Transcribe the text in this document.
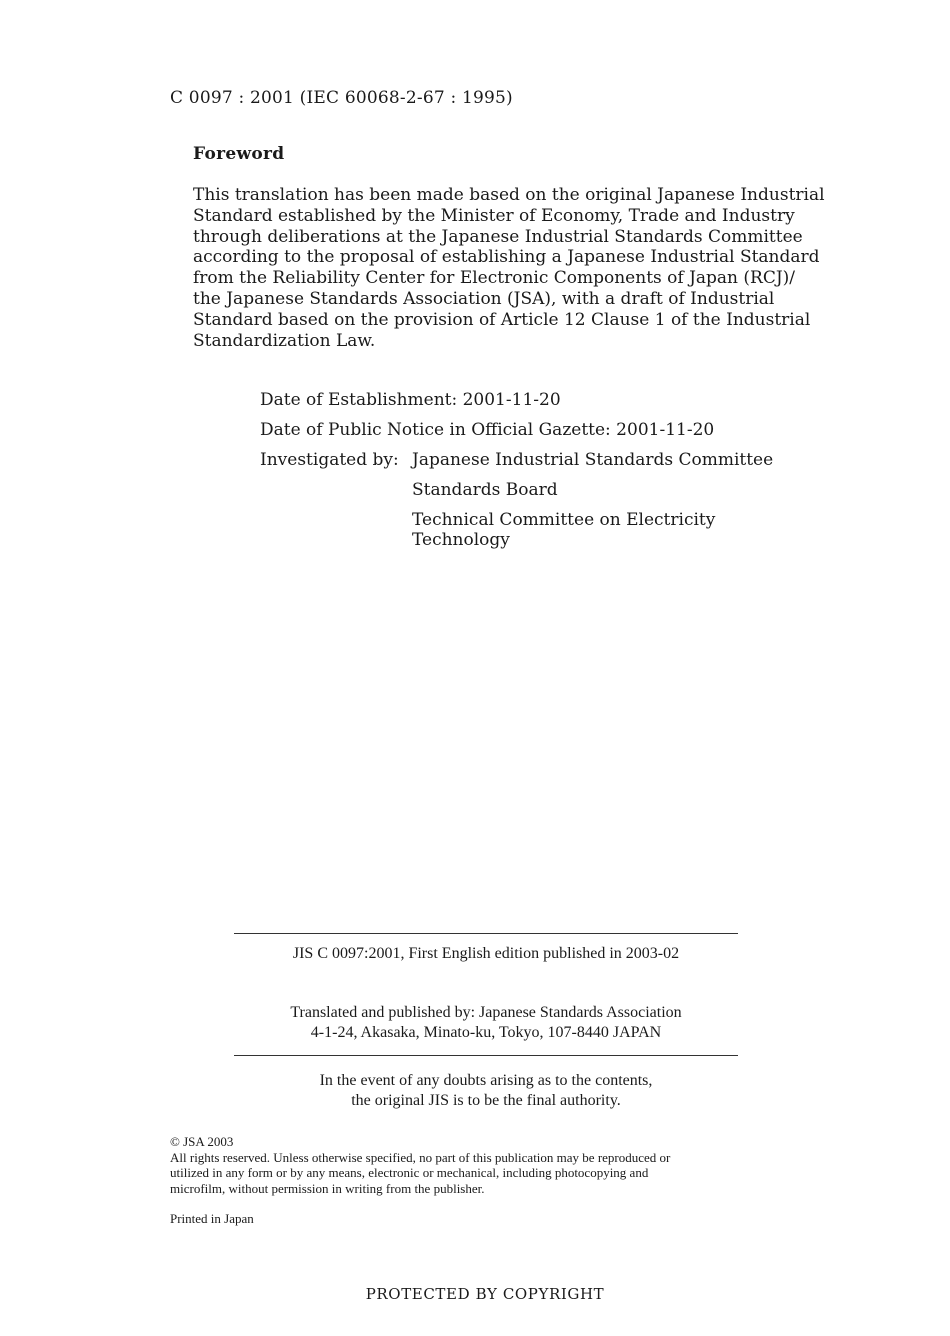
C 0097 : 2001 (IEC 60068-2-67 : 1995)
Foreword
This translation has been made based on the original Japanese Industrial
Standard established by the Minister of Economy, Trade and Industry
through deliberations at the Japanese Industrial Standards Committee
according to the proposal of establishing a Japanese Industrial Standard
from the Reliability Center for Electronic Components of Japan (RCJ)/
the Japanese Standards Association (JSA), with a draft of Industrial
Standard based on the provision of Article 12 Clause 1 of the Industrial
Standardization Law.
Date of Establishment: 2001-11-20
Date of Public Notice in Official Gazette: 2001-11-20
Investigated by: Japanese Industrial Standards Committee
Standards Board
Technical Committee on Electricity
Technology
JIS C 0097:2001, First English edition published in 2003-02
Translated and published by: Japanese Standards Association
4-1-24, Akasaka, Minato-ku, Tokyo, 107-8440 JAPAN
In the event of any doubts arising as to the contents,
the original JIS is to be the final authority.
© JSA 2003
All rights reserved. Unless otherwise specified, no part of this publication may be reproduced or
utilized in any form or by any means, electronic or mechanical, including photocopying and
microfilm, without permission in writing from the publisher.
Printed in Japan
PROTECTED BY COPYRIGHT
